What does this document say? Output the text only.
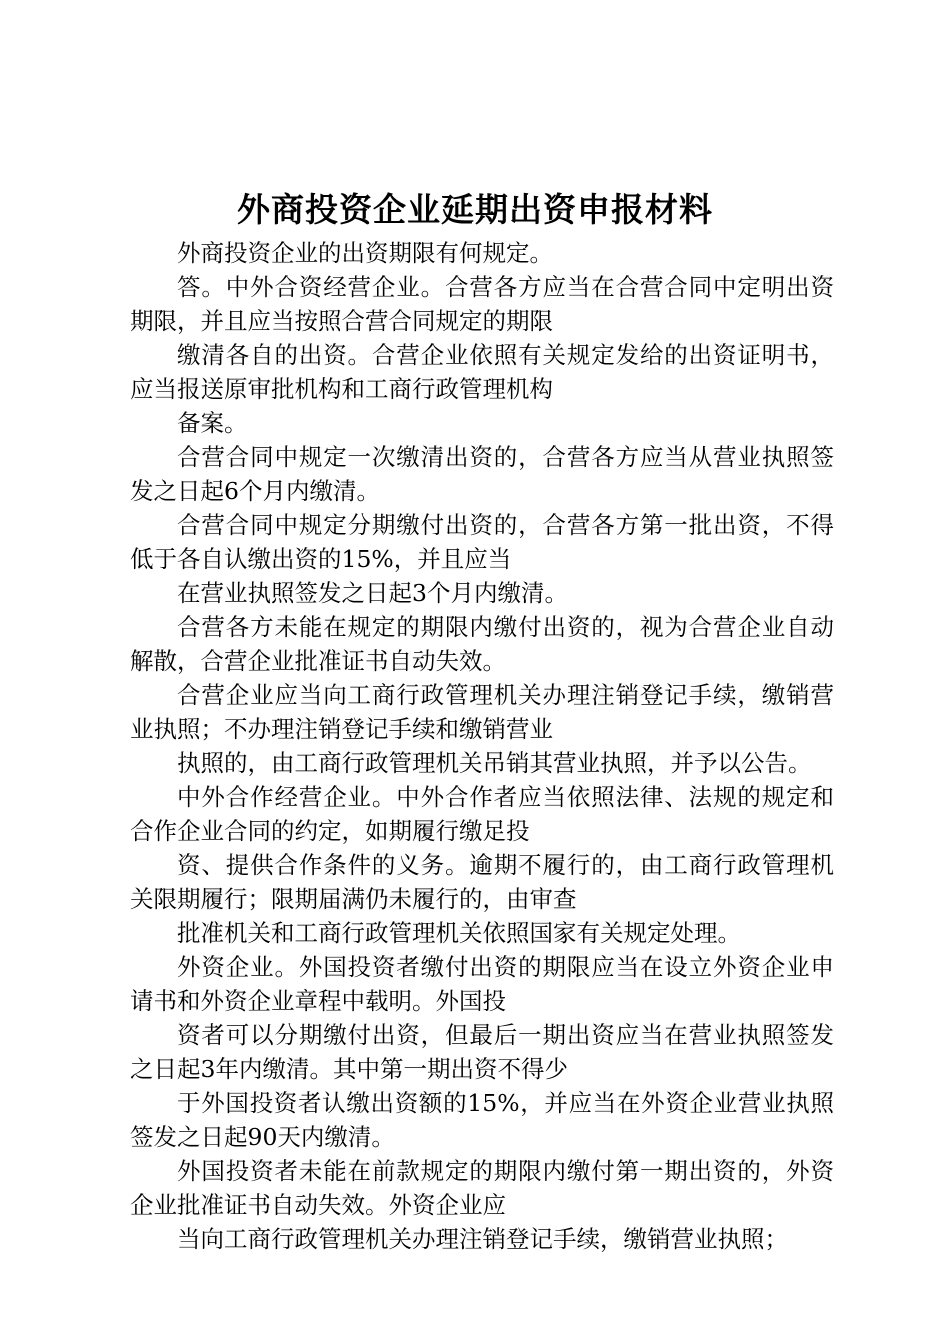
外商投资企业延期出资申报材料

外商投资企业的出资期限有何规定。

答。中外合资经营企业。合营各方应当在合营合同中定明出资期限，并且应当按照合营合同规定的期限

缴清各自的出资。合营企业依照有关规定发给的出资证明书，应当报送原审批机构和工商行政管理机构

备案。

合营合同中规定一次缴清出资的，合营各方应当从营业执照签发之日起6个月内缴清。

合营合同中规定分期缴付出资的，合营各方第一批出资，不得低于各自认缴出资的15%，并且应当

在营业执照签发之日起3个月内缴清。

合营各方未能在规定的期限内缴付出资的，视为合营企业自动解散，合营企业批准证书自动失效。

合营企业应当向工商行政管理机关办理注销登记手续，缴销营业执照；不办理注销登记手续和缴销营业

执照的，由工商行政管理机关吊销其营业执照，并予以公告。

中外合作经营企业。中外合作者应当依照法律、法规的规定和合作企业合同的约定，如期履行缴足投

资、提供合作条件的义务。逾期不履行的，由工商行政管理机关限期履行；限期届满仍未履行的，由审查

批准机关和工商行政管理机关依照国家有关规定处理。

外资企业。外国投资者缴付出资的期限应当在设立外资企业申请书和外资企业章程中载明。外国投

资者可以分期缴付出资，但最后一期出资应当在营业执照签发之日起3年内缴清。其中第一期出资不得少

于外国投资者认缴出资额的15%，并应当在外资企业营业执照签发之日起90天内缴清。

外国投资者未能在前款规定的期限内缴付第一期出资的，外资企业批准证书自动失效。外资企业应

当向工商行政管理机关办理注销登记手续，缴销营业执照；
